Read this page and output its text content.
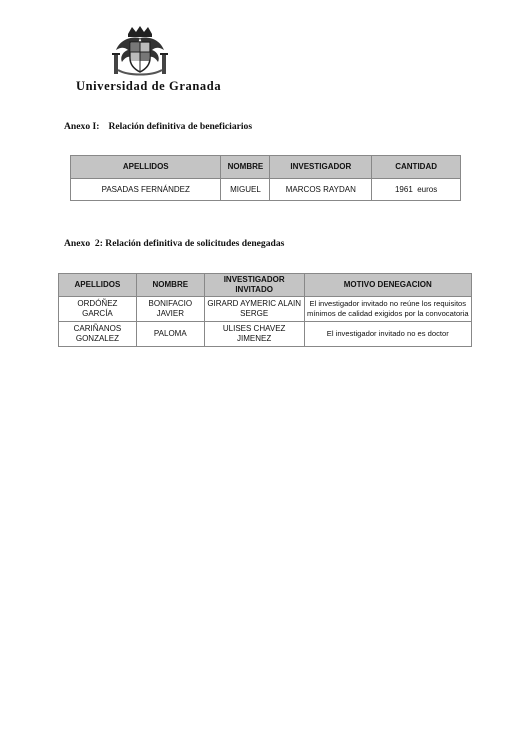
Universidad de Granada
Anexo I: Relación definitiva de beneficiarios
APELLIDOS	NOMBRE	INVESTIGADOR	CANTIDAD
PASADAS FERNÁNDEZ	MIGUEL	MARCOS RAYDAN	1961  euros
Anexo  2: Relación definitiva de solicitudes denegadas
APELLIDOS	NOMBRE	INVESTIGADOR INVITADO	MOTIVO DENEGACION
ORDÓÑEZ GARCÍA	BONIFACIO JAVIER	GIRARD AYMERIC ALAIN SERGE	El investigador invitado no reúne los requisitos mínimos de calidad exigidos por la convocatoria
CARIÑANOS GONZALEZ	PALOMA	ULISES CHAVEZ JIMENEZ	El investigador invitado no es doctor
